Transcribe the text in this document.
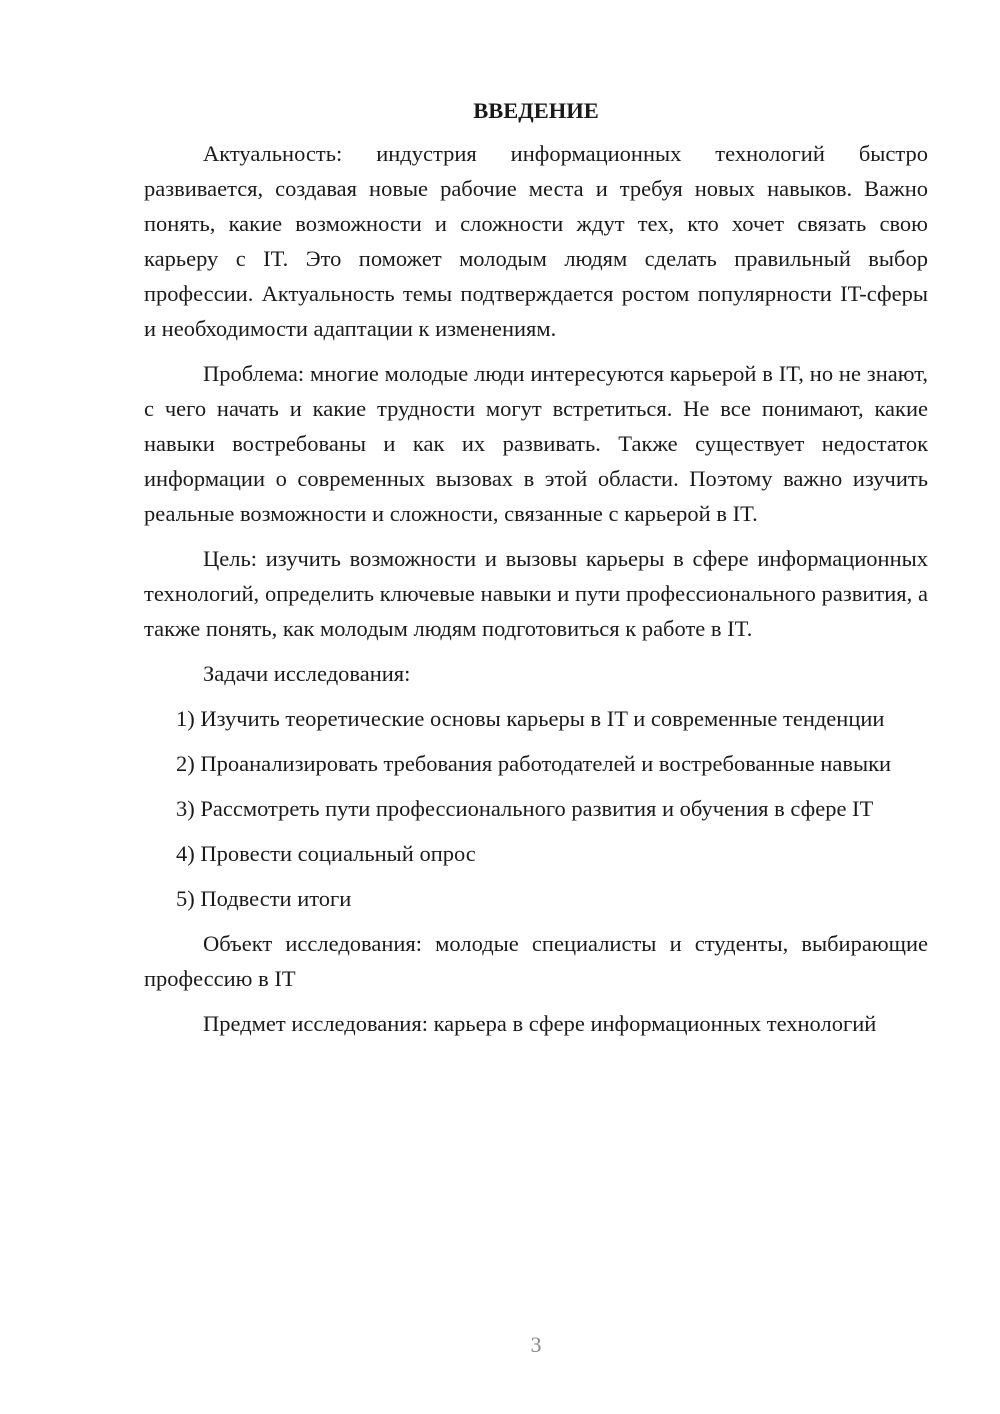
ВВЕДЕНИЕ

Актуальность: индустрия информационных технологий быстро развивается, создавая новые рабочие места и требуя новых навыков. Важно понять, какие возможности и сложности ждут тех, кто хочет связать свою карьеру с IT. Это поможет молодым людям сделать правильный выбор профессии. Актуальность темы подтверждается ростом популярности IT-сферы и необходимости адаптации к изменениям.

Проблема: многие молодые люди интересуются карьерой в IT, но не знают, с чего начать и какие трудности могут встретиться. Не все понимают, какие навыки востребованы и как их развивать. Также существует недостаток информации о современных вызовах в этой области. Поэтому важно изучить реальные возможности и сложности, связанные с карьерой в IT.

Цель: изучить возможности и вызовы карьеры в сфере информационных технологий, определить ключевые навыки и пути профессионального развития, а также понять, как молодым людям подготовиться к работе в IT.

Задачи исследования:

1) Изучить теоретические основы карьеры в IT и современные тенденции

2) Проанализировать требования работодателей и востребованные навыки

3) Рассмотреть пути профессионального развития и обучения в сфере IT

4) Провести социальный опрос

5) Подвести итоги

Объект исследования: молодые специалисты и студенты, выбирающие профессию в IT

Предмет исследования: карьера в сфере информационных технологий

3
